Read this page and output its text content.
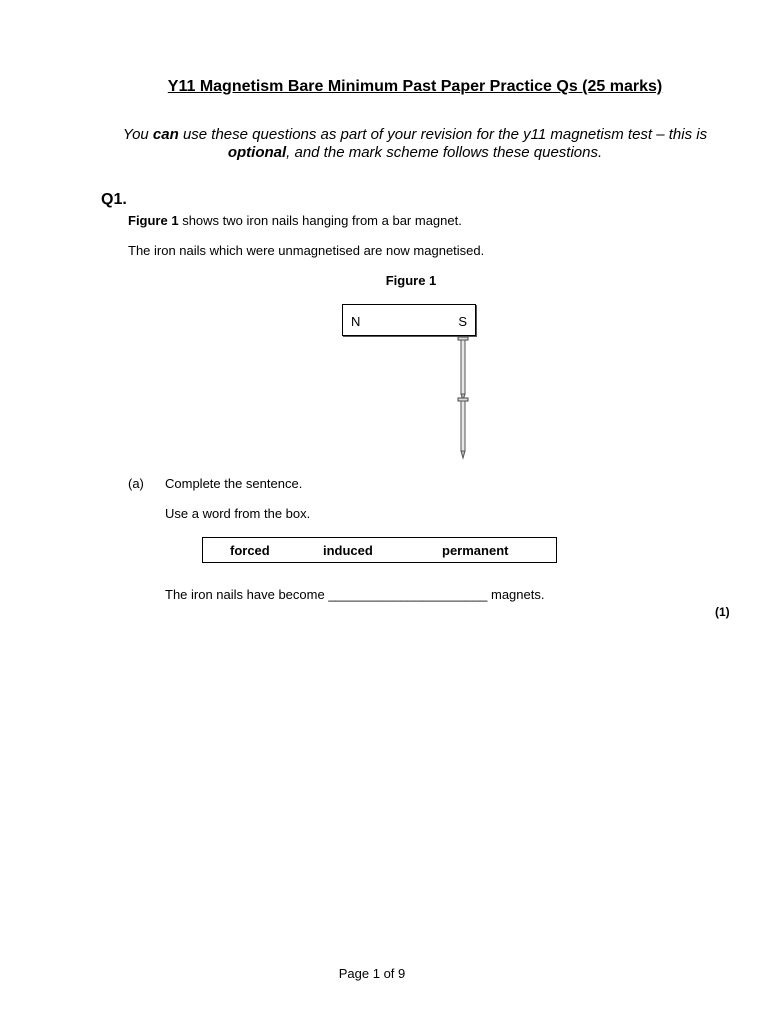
Y11 Magnetism Bare Minimum Past Paper Practice Qs (25 marks)
You can use these questions as part of your revision for the y11 magnetism test – this is
optional, and the mark scheme follows these questions.
Q1.
Figure 1 shows two iron nails hanging from a bar magnet.
The iron nails which were unmagnetised are now magnetised.
Figure 1
N	S
(a) Complete the sentence.
Use a word from the box.
forced	induced	permanent
The iron nails have become ______________________ magnets.
(1)
Page 1 of 9
